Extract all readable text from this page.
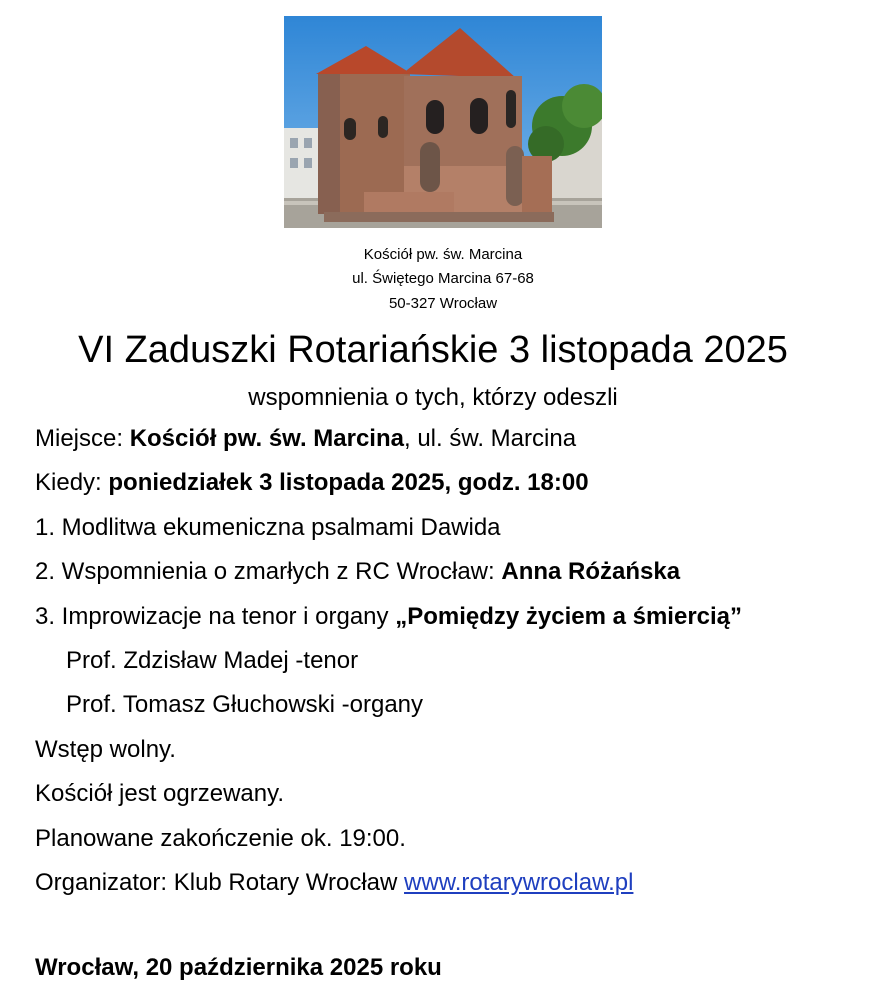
Kościół pw. św. Marcina
ul. Świętego Marcina 67-68
50-327 Wrocław
VI Zaduszki Rotariańskie 3 listopada 2025
wspomnienia o tych, którzy odeszli
Miejsce: Kościół pw. św. Marcina, ul. św. Marcina
Kiedy: poniedziałek 3 listopada 2025, godz. 18:00
1. Modlitwa ekumeniczna psalmami Dawida
2. Wspomnienia o zmarłych z RC Wrocław: Anna Różańska
3. Improwizacje na tenor i organy „Pomiędzy życiem a śmiercią”
Prof. Zdzisław Madej -tenor
Prof. Tomasz Głuchowski -organy
Wstęp wolny.
Kościół jest ogrzewany.
Planowane zakończenie ok. 19:00.
Organizator: Klub Rotary Wrocław www.rotarywroclaw.pl
Wrocław, 20 października 2025 roku
